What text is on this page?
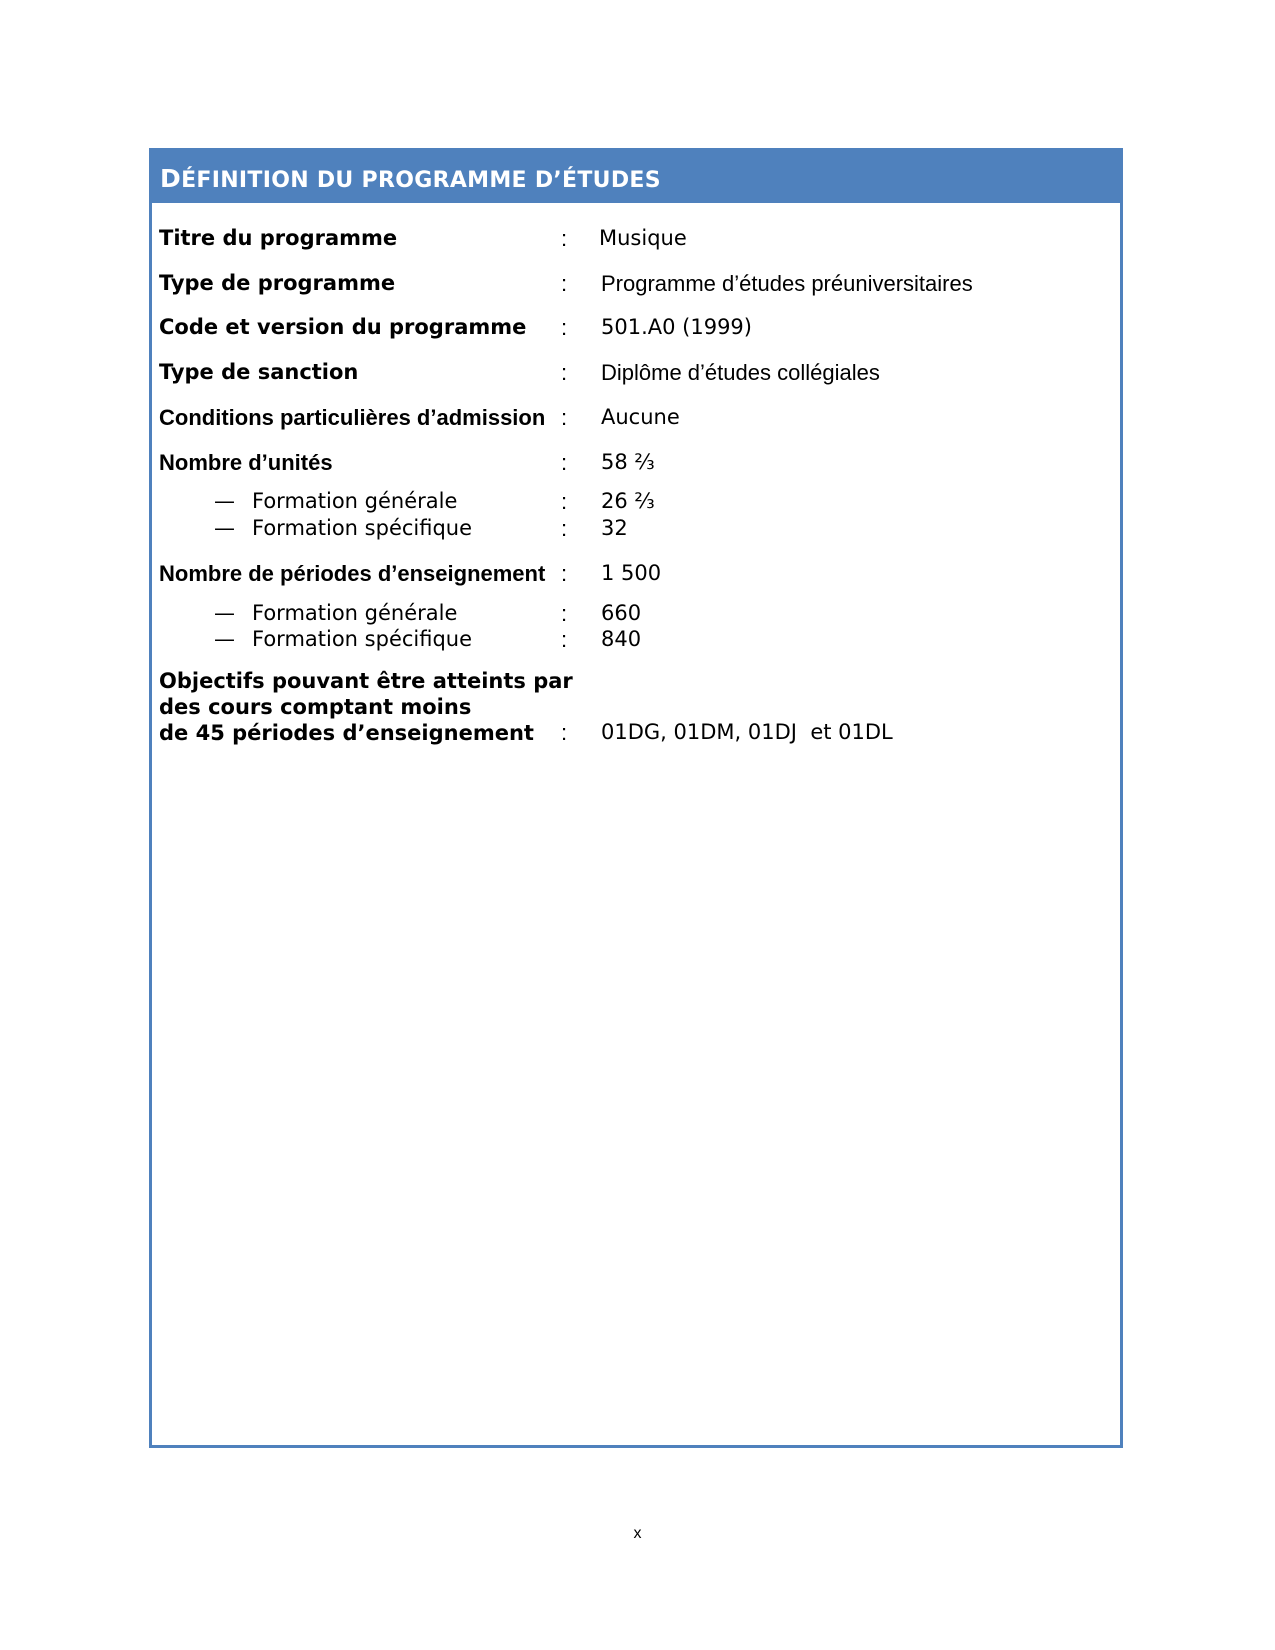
DÉFINITION DU PROGRAMME D’ÉTUDES
Titre du programme	: Musique
Type de programme	: Programme d’études préuniversitaires
Code et version du programme : 501.A0 (1999)
Type de sanction	: Diplôme d’études collégiales
Conditions particulières d’admission : Aucune
Nombre d’unités	: 58 ⅔
— Formation générale	: 26 ⅔
— Formation spécifique	: 32
Nombre de périodes d’enseignement : 1 500
— Formation générale	: 660
— Formation spécifique	: 840
Objectifs pouvant être atteints par
des cours comptant moins
de 45 périodes d’enseignement	: 01DG, 01DM, 01DJ  et 01DL
x
